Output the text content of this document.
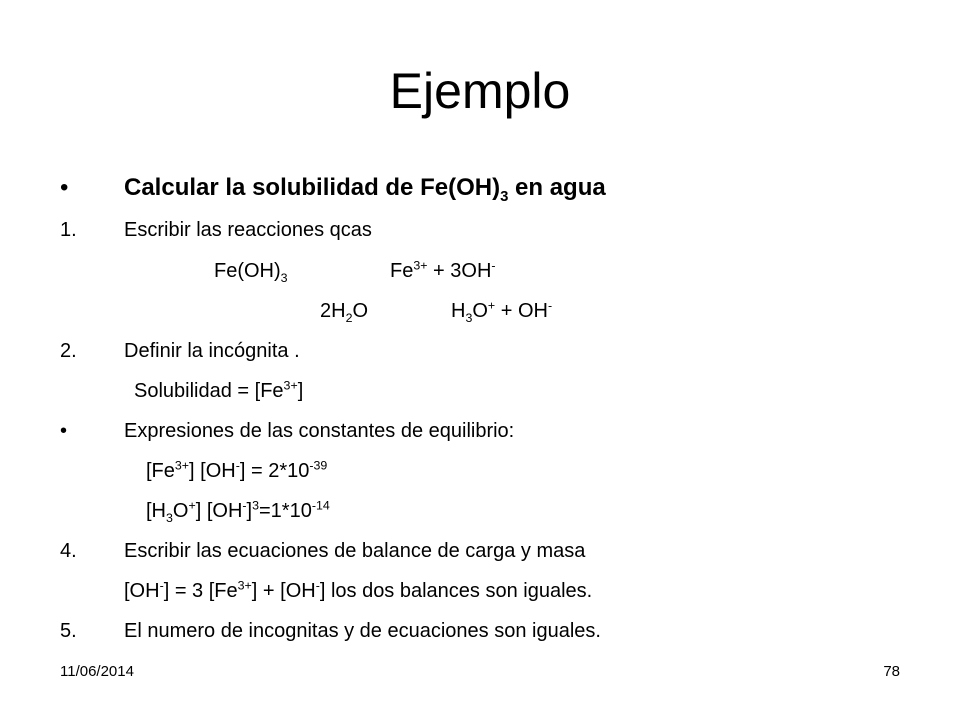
Ejemplo
• Calcular la solubilidad de $Fe(OH)_3$ en agua
1. Escribir las reacciones qcas
$Fe(OH)_3$	$Fe^{3+} + 3OH^-$
$2H_2O$	$H_3O^+ + OH^-$
2. Definir la incógnita .
Solubilidad = $[Fe^{3+}]$
•	Expresiones de las constantes de equilibrio:
$[Fe^{3+}] [OH^-] = 2*10^{-39}$
$[H_3O^+]$ $[OH^-]^3=1*10^{-14}$
4. Escribir las ecuaciones de balance de carga y masa
[OH-] = 3 $[Fe^{3+}] + [OH^-]$ los dos balances son iguales.
5. El numero de incognitas y de ecuaciones son iguales.
11/06/2014	78
